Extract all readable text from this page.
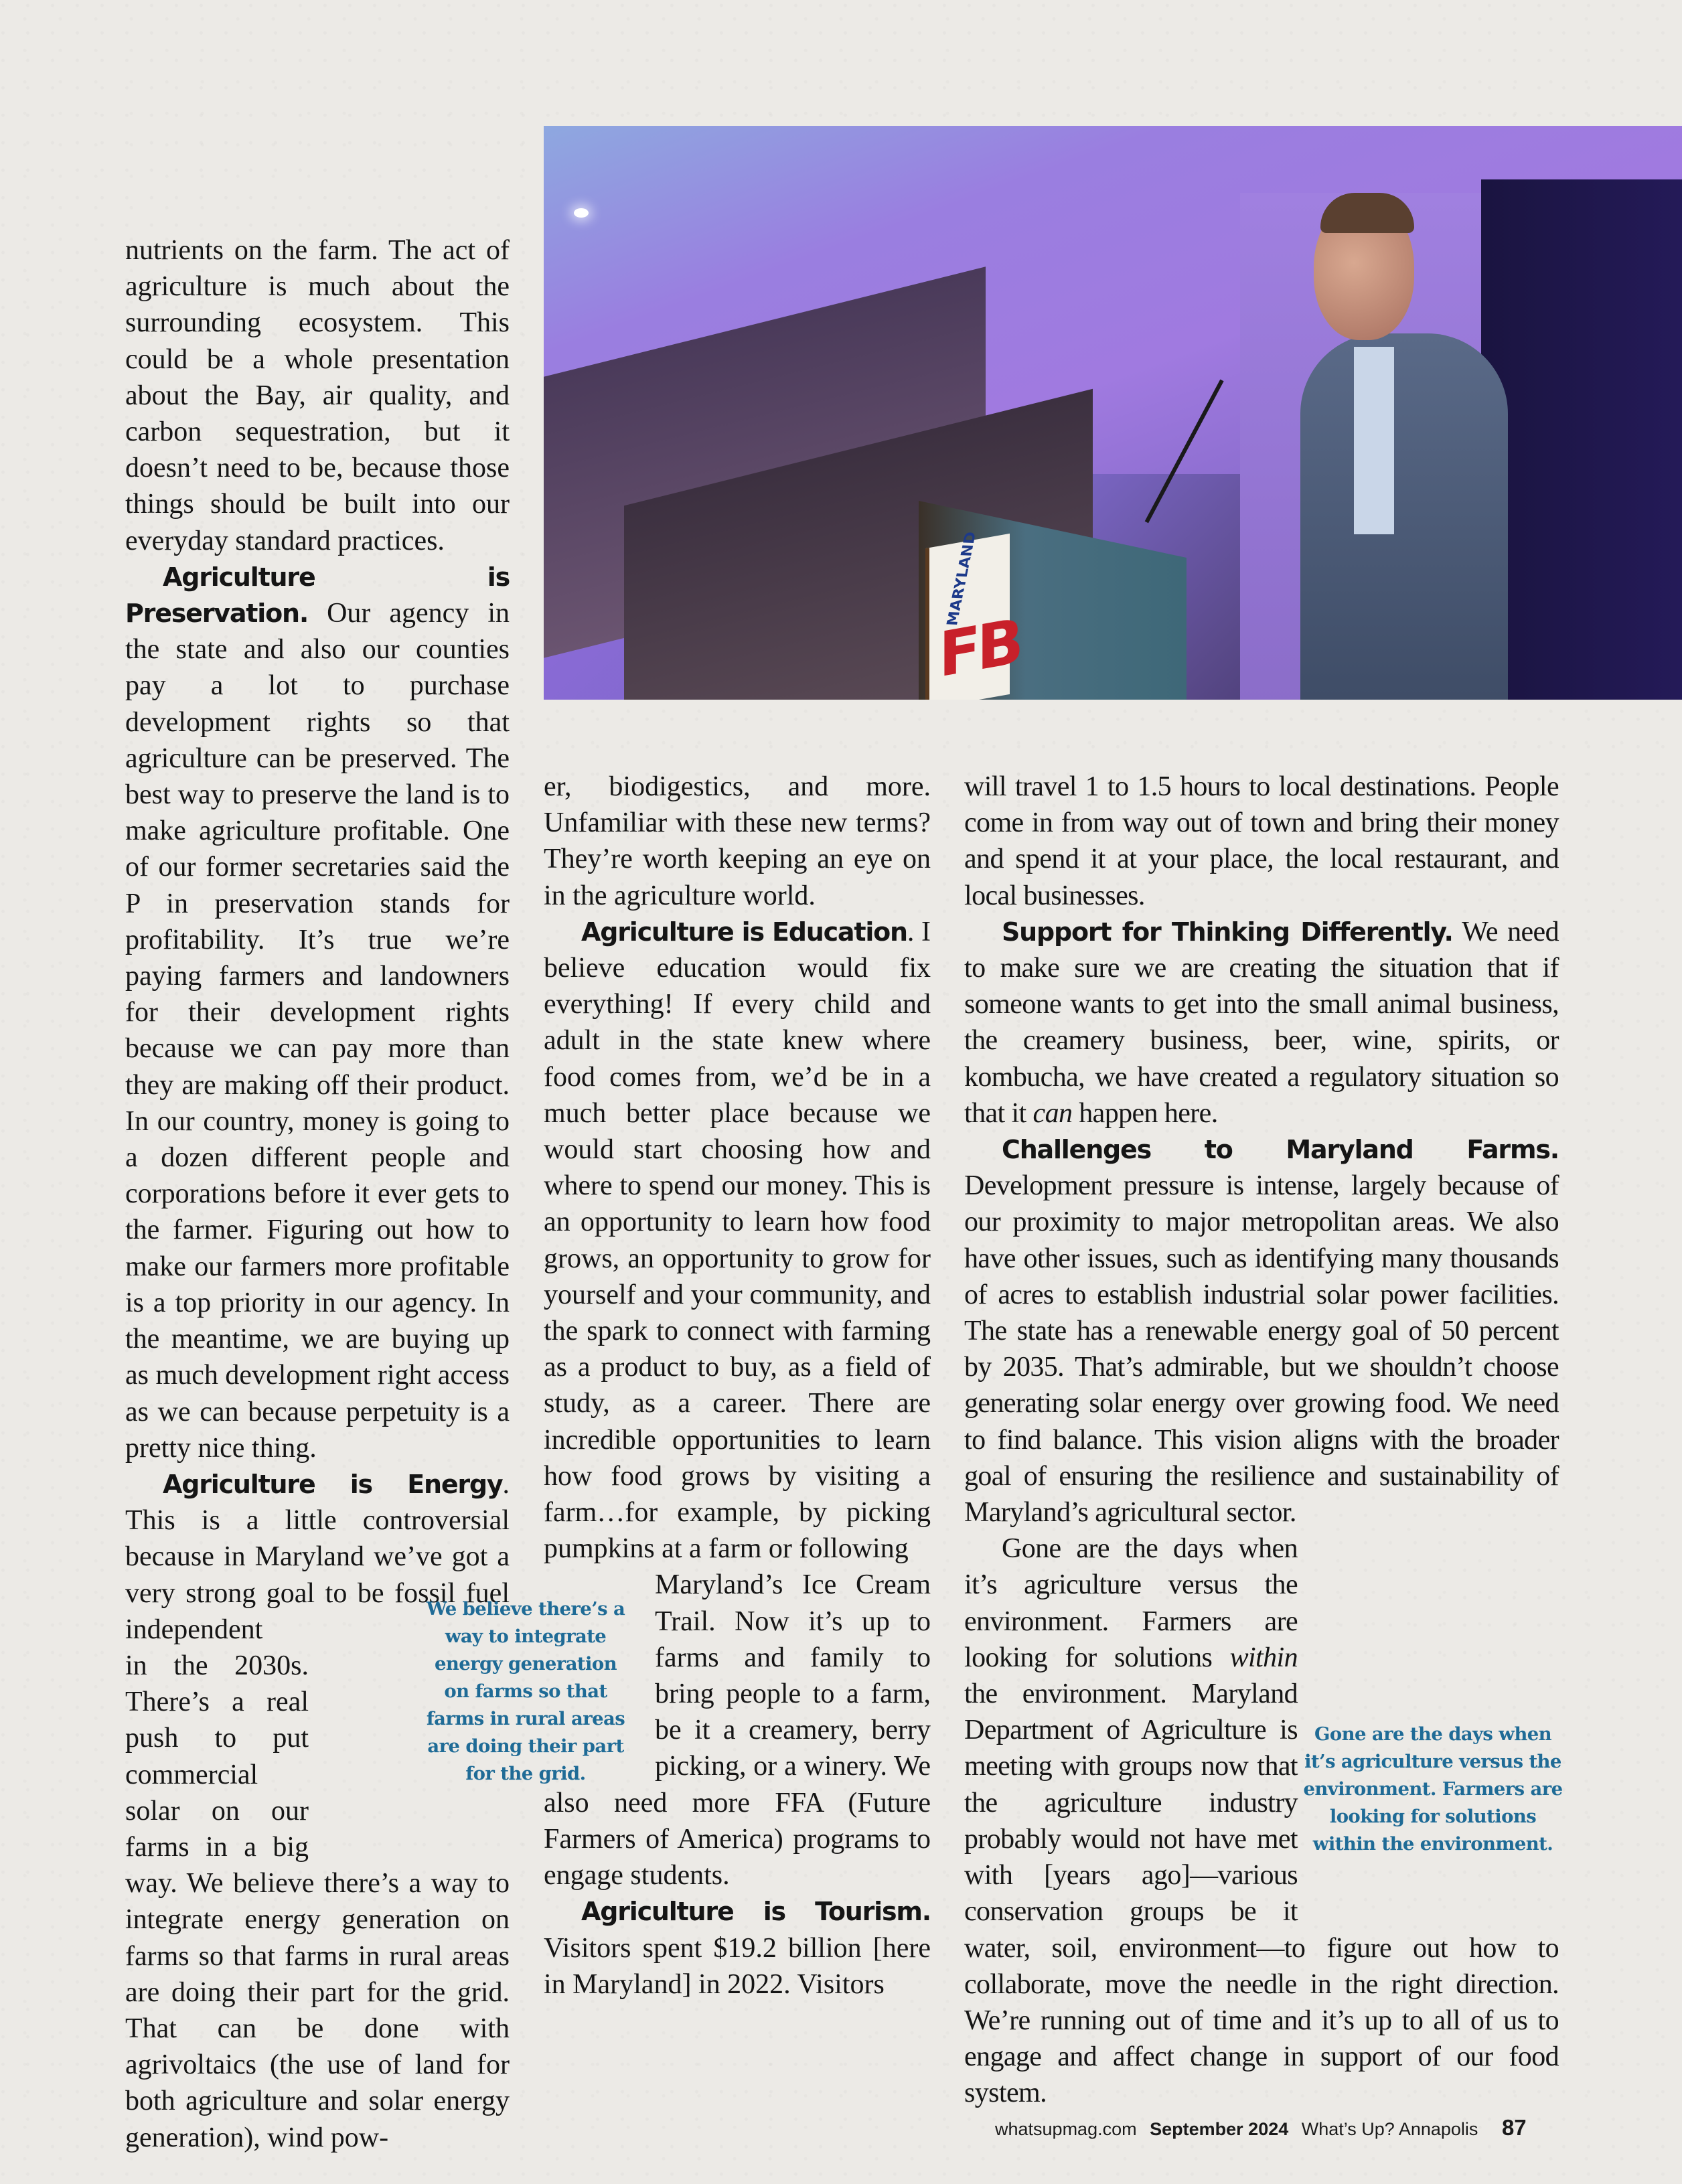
MARYLAND
FB

nutrients on the farm. The act of agriculture is much about the surrounding ecosystem. This could be a whole presentation about the Bay, air quality, and carbon sequestration, but it doesn’t need to be, because those things should be built into our everyday standard practices.

Agriculture is Preservation. Our agency in the state and also our counties pay a lot to purchase development rights so that agriculture can be preserved. The best way to preserve the land is to make agriculture profitable. One of our former secretaries said the P in preservation stands for profitability. It’s true we’re paying farmers and landowners for their development rights because we can pay more than they are making off their product. In our country, money is going to a dozen different people and corporations before it ever gets to the farmer. Figuring out how to make our farmers more profitable is a top priority in our agency. In the meantime, we are buying up as much development right access as we can because perpetuity is a pretty nice thing.

Agriculture is Energy. This is a little controversial because in Maryland we’ve got a very strong goal to be fossil fuel independent

in the 2030s. There’s a real push to put commercial solar on our farms in a big way. We believe there’s a way to integrate energy generation on farms so that farms in rural areas are doing their part for the grid. That can be done with agrivoltaics (the use of land for both agriculture and solar energy generation), wind pow-

We believe there’s a way to integrate energy generation on farms so that farms in rural areas are doing their part for the grid.

er, biodigestics, and more. Unfamiliar with these new terms? They’re worth keeping an eye on in the agriculture world.

Agriculture is Education. I believe education would fix everything! If every child and adult in the state knew where food comes from, we’d be in a much better place because we would start choosing how and where to spend our money. This is an opportunity to learn how food grows, an opportunity to grow for yourself and your community, and the spark to connect with farming as a product to buy, as a field of study, as a career. There are incredible opportunities to learn how food grows by visiting a farm…for example, by picking pumpkins at a farm or following

Maryland’s Ice Cream Trail. Now it’s up to farms and family to bring people to a farm, be it a creamery, berry picking, or a winery. We also need more FFA (Future Farmers of America) programs to engage students.

Agriculture is Tourism. Visitors spent $19.2 billion [here in Maryland] in 2022. Visitors

will travel 1 to 1.5 hours to local destinations. People come in from way out of town and bring their money and spend it at your place, the local restaurant, and local businesses.

Support for Thinking Differently. We need to make sure we are creating the situation that if someone wants to get into the small animal business, the creamery business, beer, wine, spirits, or kombucha, we have created a regulatory situation so that it can happen here.

Challenges to Maryland Farms. Development pressure is intense, largely because of our proximity to major metropolitan areas. We also have other issues, such as identifying many thousands of acres to establish industrial solar power facilities. The state has a renewable energy goal of 50 percent by 2035. That’s admirable, but we shouldn’t choose generating solar energy over growing food. We need to find balance. This vision aligns with the broader goal of ensuring the resilience and sustainability of Maryland’s agricultural sector.

Gone are the days when it’s agriculture versus the environment. Farmers are looking for solutions within the environment. Maryland Department of Agriculture is meeting with groups now that the agriculture industry probably would not have met with [years ago]—various conservation groups be it water, soil, environment—to figure out how to collaborate, move the needle in the right direction. We’re running out of time and it’s up to all of us to engage and affect change in support of our food system.

Gone are the days when it’s agriculture versus the environment. Farmers are looking for solutions within the environment.
whatsupmag.com September 2024 What’s Up? Annapolis 87
